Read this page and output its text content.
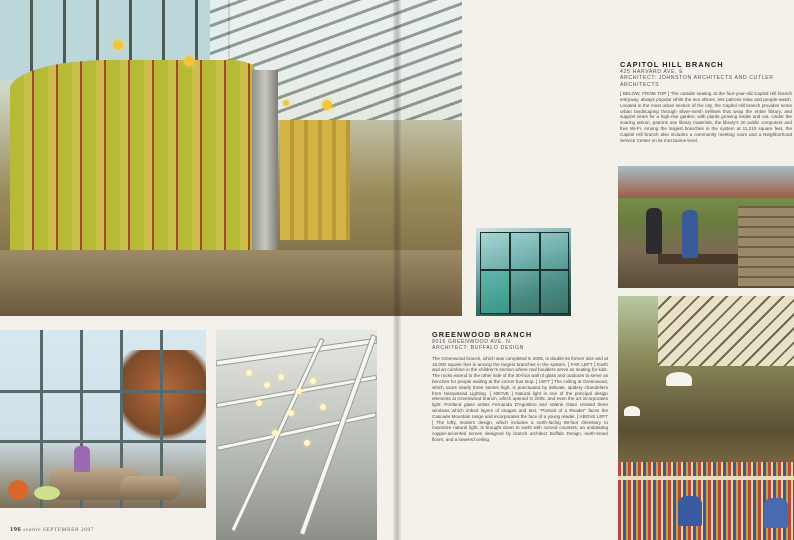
CAPITOL HILL BRANCH
425 HARVARD AVE. E
ARCHITECT: JOHNSTON ARCHITECTS AND CUTLER ARCHITECTS
[ BELOW, FROM TOP ] The outside seating at the four-year-old Capitol Hill branch entryway, always popular while the sun shines, lets patrons relax and people-watch. Located in the most urban section of the city, the Capitol Hill branch provides some urban landscaping through sliver-mesh trellises that wrap the entire library, and support vines for a high-rise garden, with plants growing inside and out. Under the soaring atrium, patrons use library materials, the library's 20 public computers and free Wi-Fi. Among the largest branches in the system at 11,210 square feet, the Capitol Hill branch also includes a community meeting room and a Neighborhood Service Center on its mezzanine level.
GREENWOOD BRANCH
8016 GREENWOOD AVE. N
ARCHITECT: BUFFALO DESIGN
The Greenwood branch, which was completed in 2005, is double its former size and at 15,000 square feet is among the largest branches in the system. [ FAR LEFT ] Earth and air combine in the children's section where real boulders serve as seating for kids. The rocks extend to the other side of the 30-foot wall of glass and outdoors to serve as benches for people waiting at the corner bus stop. [ LEFT ] The ceiling at Greenwood, which soars nearly three stories high, is punctuated by delicate, spidery chandeliers from Hampstead Lighting. [ ABOVE ] Natural light is one of the principal design elements at Greenwood branch, which opened in 2005, and even the art incorporates light: Portland glass artists Fernanda D'Agostino and Valerie Otani created three windows which imbed layers of images and text, "Portrait of a Reader" faces the Cascade Mountain range and incorporates the face of a young reader. [ ABOVE LEFT ] The lofty, modern design, which includes a north-facing 68-foot clerestory to maximize natural light, is brought down to earth with curved counters, an undulating copper-accented screen designed by branch architect Buffalo Design, earth-toned floors, and a lowered ceiling.
196 seattle SEPTEMBER 2007
